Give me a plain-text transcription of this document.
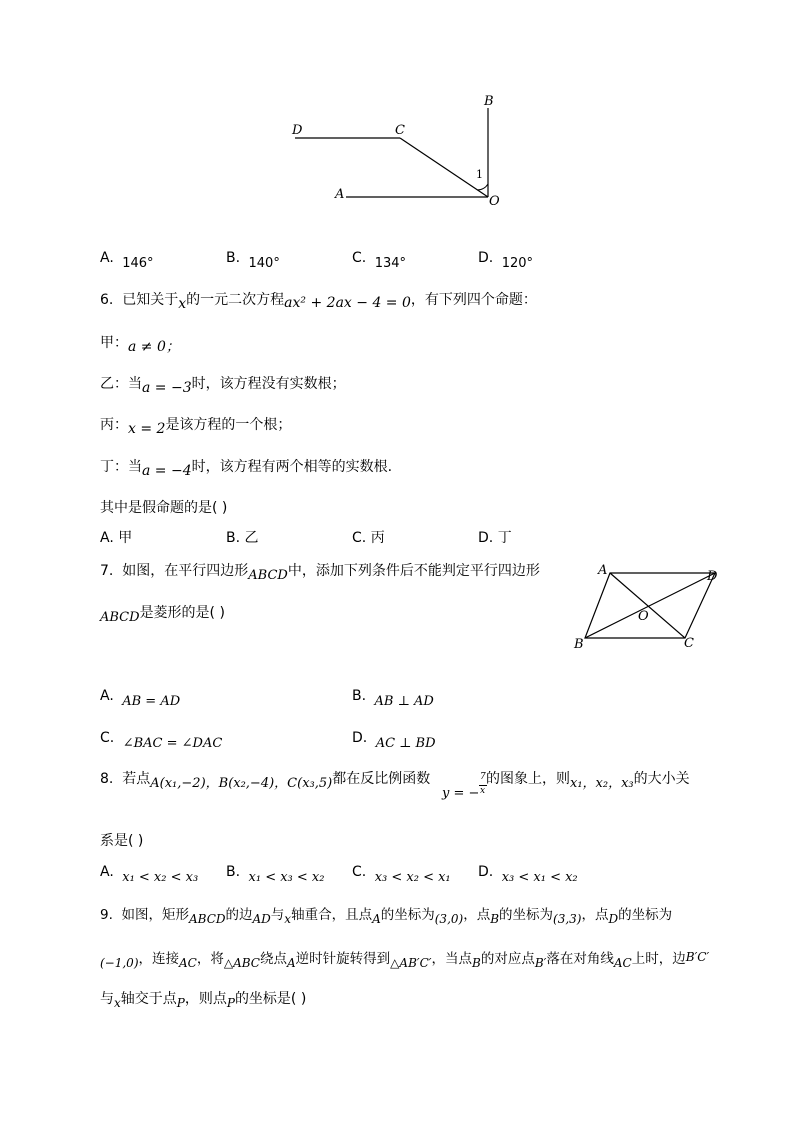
D	C
B
A	O
1
A. 146°	B. 140°	C. 134°	D. 120°
6. 已知关于x的一元二次方程ax² + 2ax − 4 = 0，有下列四个命题：
甲：a ≠ 0；
乙：当a = −3时，该方程没有实数根；
丙：x = 2是该方程的一个根；
丁：当a = −4时，该方程有两个相等的实数根.
其中是假命题的是( )
A. 甲	B. 乙	C. 丙	D. 丁
7. 如图，在平行四边形ABCD中，添加下列条件后不能判定平行四边形
ABCD是菱形的是( )
A	D
O
B	C
A. AB = AD	B. AB ⊥ AD
C. ∠BAC = ∠DAC	D. AC ⊥ BD
8. 若点A(x₁,−2)，B(x₂,−4)，C(x₃,5)都在反比例函数
y = −
7
x
的图象上，则x₁，x₂，x₃的大小关
系是( )
A. x₁ < x₂ < x₃ B. x₁ < x₃ < x₂ C. x₃ < x₂ < x₁ D. x₃ < x₁ < x₂
9. 如图，矩形ABCD的边AD与x轴重合，且点A的坐标为(3,0)，点B的坐标为(3,3)，点D的坐标为
(−1,0)，连接AC，将△ABC绕点A逆时针旋转得到△AB′C′，当点B的对应点B′落在对角线AC上时，边B′C′
与x轴交于点P，则点P的坐标是( )
